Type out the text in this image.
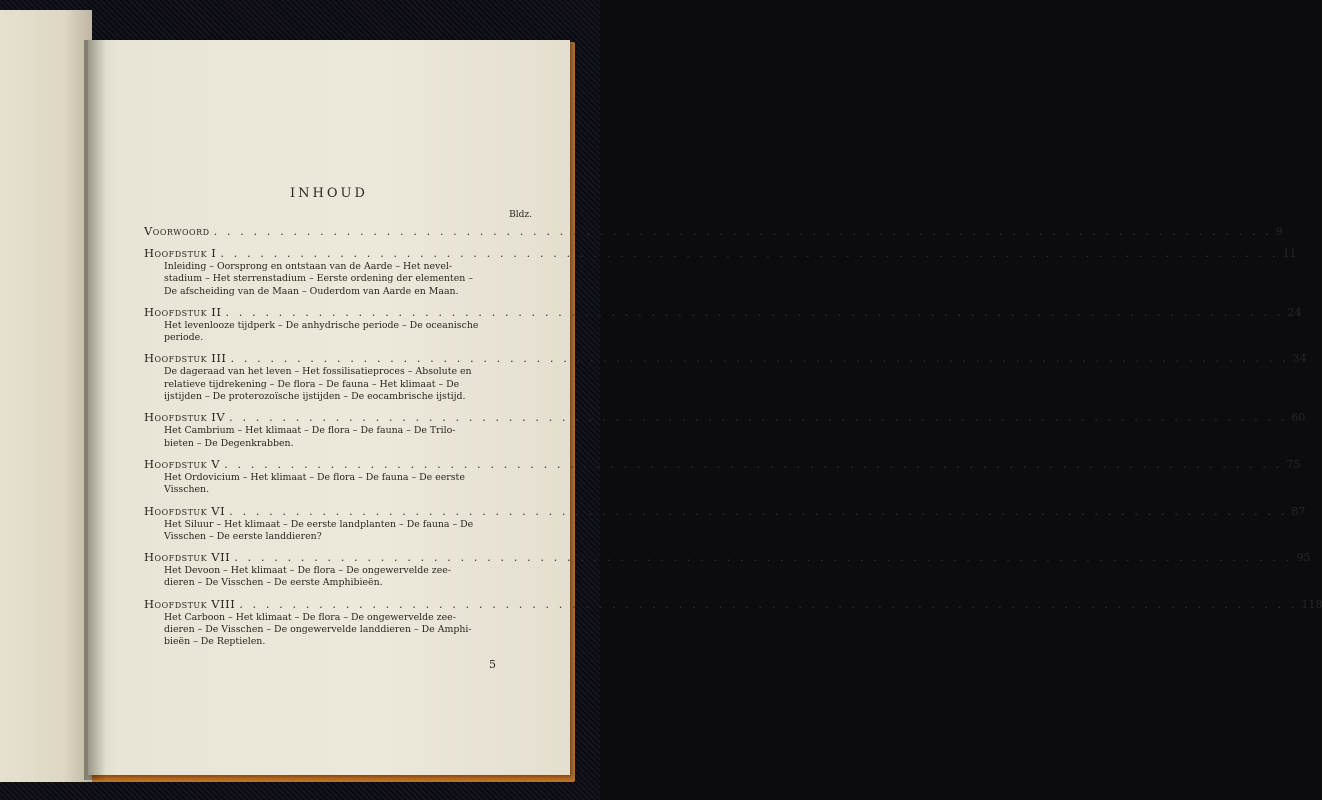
INHOUD
Bldz.
Voorwoord . . . . . . . . . . . . . . . . . . . . . . . . . . . . . . . . . . . . . . . . . . . . . . . . . . . . . . . . . . . . . . . . . . . . . . . . . . . . . . . . 9
Hoofdstuk I . . . . . . . . . . . . . . . . . . . . . . . . . . . . . . . . . . . . . . . . . . . . . . . . . . . . . . . . . . . . . . . . . . . . . . . . . . . . . . . . 11
Inleiding – Oorsprong en ontstaan van de Aarde – Het nevel-
stadium – Het sterrenstadium – Eerste ordening der elementen –
De afscheiding van de Maan – Ouderdom van Aarde en Maan.
Hoofdstuk II . . . . . . . . . . . . . . . . . . . . . . . . . . . . . . . . . . . . . . . . . . . . . . . . . . . . . . . . . . . . . . . . . . . . . . . . . . . . . . . . 24
Het levenlooze tijdperk – De anhydrische periode – De oceanische
periode.
Hoofdstuk III . . . . . . . . . . . . . . . . . . . . . . . . . . . . . . . . . . . . . . . . . . . . . . . . . . . . . . . . . . . . . . . . . . . . . . . . . . . . . . . . 34
De dageraad van het leven – Het fossilisatieproces – Absolute en
relatieve tijdrekening – De flora – De fauna – Het klimaat – De
ijstijden – De proterozoïsche ijstijden – De eocambrische ijstijd.
Hoofdstuk IV . . . . . . . . . . . . . . . . . . . . . . . . . . . . . . . . . . . . . . . . . . . . . . . . . . . . . . . . . . . . . . . . . . . . . . . . . . . . . . . . 60
Het Cambrium – Het klimaat – De flora – De fauna – De Trilo-
bieten – De Degenkrabben.
Hoofdstuk V . . . . . . . . . . . . . . . . . . . . . . . . . . . . . . . . . . . . . . . . . . . . . . . . . . . . . . . . . . . . . . . . . . . . . . . . . . . . . . . . 75
Het Ordovicium – Het klimaat – De flora – De fauna – De eerste
Visschen.
Hoofdstuk VI . . . . . . . . . . . . . . . . . . . . . . . . . . . . . . . . . . . . . . . . . . . . . . . . . . . . . . . . . . . . . . . . . . . . . . . . . . . . . . . . 87
Het Siluur – Het klimaat – De eerste landplanten – De fauna – De
Visschen – De eerste landdieren?
Hoofdstuk VII . . . . . . . . . . . . . . . . . . . . . . . . . . . . . . . . . . . . . . . . . . . . . . . . . . . . . . . . . . . . . . . . . . . . . . . . . . . . . . . . 95
Het Devoon – Het klimaat – De flora – De ongewervelde zee-
dieren – De Visschen – De eerste Amphibieën.
Hoofdstuk VIII . . . . . . . . . . . . . . . . . . . . . . . . . . . . . . . . . . . . . . . . . . . . . . . . . . . . . . . . . . . . . . . . . . . . . . . . . . . . . . . . 118
Het Carboon – Het klimaat – De flora – De ongewervelde zee-
dieren – De Visschen – De ongewervelde landdieren – De Amphi-
bieën – De Reptielen.
5
